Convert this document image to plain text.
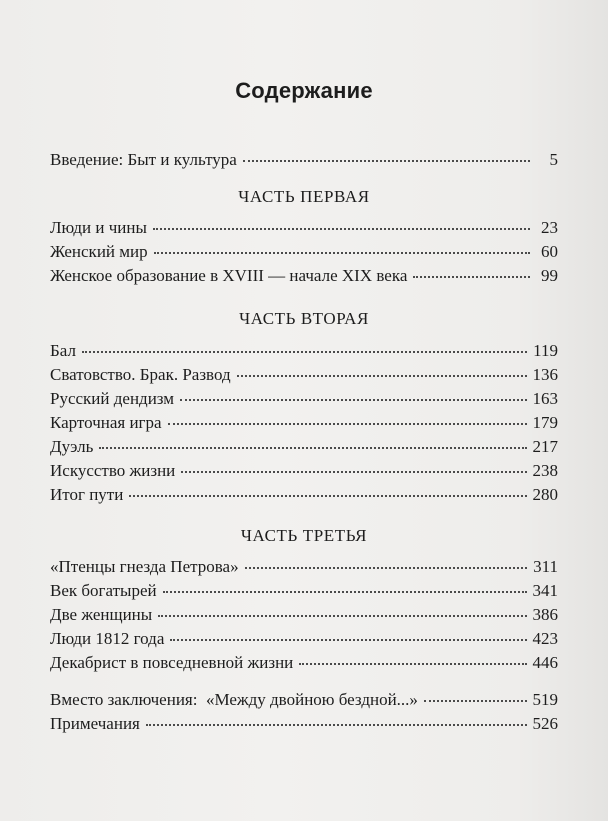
Содержание
Введение: Быт и культура	5
ЧАСТЬ ПЕРВАЯ
Люди и чины	23
Женский мир	60
Женское образование в XVIII — начале XIX века	99
ЧАСТЬ ВТОРАЯ
Бал	119
Сватовство. Брак. Развод	136
Русский дендизм	163
Карточная игра	179
Дуэль	217
Искусство жизни	238
Итог пути	280
ЧАСТЬ ТРЕТЬЯ
«Птенцы гнезда Петрова»	311
Век богатырей	341
Две женщины	386
Люди 1812 года	423
Декабрист в повседневной жизни	446
Вместо заключения:  «Между двойною бездной...»	519
Примечания	526
